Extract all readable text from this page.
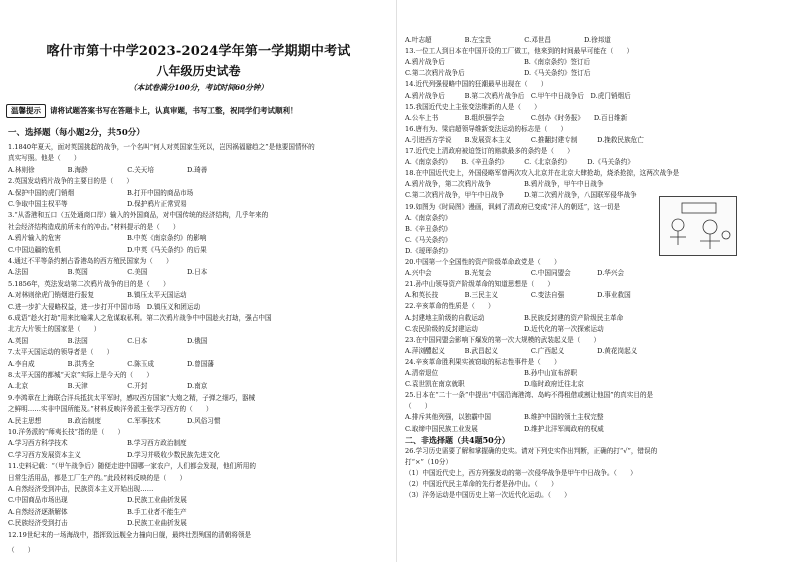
喀什市第十中学2023-2024学年第一学期期中考试
八年级历史试卷
（本试卷满分100分，考试时间60分钟）
温馨提示	请将试题答案书写在答题卡上，认真审题，书写工整，祝同学们考试顺利！
一、选择题（每小题2分，共50分）
1.1840年夏天，面对英国挑起的战争，一个名叫“何人对英国家生死以，岂因祸福避趋之”是他要国情怀的
真实写照。他是（　　）
A.林则徐　　　　　B.海龄　　　　　　C.关天培　　　　　D.琦善
2.英国发动鸦片战争的主要目的是（　　）
A.保护中国的虎门销烟　　　　　　　　B.打开中国的商品市场
C.争取中国主权平等　　　　　　　　　D.保护鸦片正常贸易
3.“从香港和五口（五处通商口岸）输入的外国商品，对中国传统的经济结构，几乎年来的
社会经济结构造成前所未有的冲击。”材料提示的是（　　）
A.鸦片输入的危害　　　　　　　　　　B.中英《南京条约》的影响
C.中国边疆的危机　　　　　　　　　　D.中英《马关条约》的后果
4.通过不平等条约割占香港岛的西方殖民国家为（　　）
A.法国　　　　　　B.英国　　　　　　C.美国　　　　　　D.日本
5.1856年，英法发动第二次鸦片战争的目的是（　　）
A.对林则徐虎门销烟进行报复　　　　　B.镇压太平天国运动
C.进一步扩大侵略权益，进一步打开中国市场　D.镇压义和团运动
6.成语“趁火打劫”用来比喻乘人之危谋取私利。第二次鸦片战争中中国趁火打劫，强占中国
北方大片领土的国家是（　　）
A.英国　　　　　　B.法国　　　　　　C.日本　　　　　　D.俄国
7.太平天国运动的领导者是（　　）
A.李自成　　　　　B.洪秀全　　　　　C.陈玉成　　　　　D.曾国藩
8.太平天国的都城“天京”实际上是今天的（　　）
A.北京　　　　　　B.天津　　　　　　C.开封　　　　　　D.南京
9.李鸿章在上海联合洋兵抵抗太平军时，感叹西方国家“大炮之精，子弹之细巧，器械
之鲜明……实非中国所能及。”材料反映洋务派主张学习西方的（　　）
A.民主思想　　　　B.政治制度　　　　C.军事技术　　　　D.风俗习惯
10.洋务派的“师夷长技”指的是（　　）
A.学习西方科学技术　　　　　　　　　B.学习西方政治制度
C.学习西方发展资本主义　　　　　　　D.学习并吸收少数民族先进文化
11.史料记载：“（甲午战争后）随便走进中国哪一家农户，人们都会发现，他们所用的
日常生活用品，都是工厂生产的。”此段材料反映的是（　　）
A.自然经济受到冲击，民族资本主义开始出现……
C.中国商品市场出现　　　　　　　　　D.民族工业曲折发展
A.自然经济逐渐解体　　　　　　　　　B.手工业者不能生产
C.民族经济受到打击　　　　　　　　　D.民族工业曲折发展
12.19世纪末的一场海战中，指挥致远舰全力撞向日舰，最终壮烈殉国的清朝将领是
（　　）
A.叶志超　　　　　B.左宝贵　　　　　C.邓世昌　　　　　D.徐邦道
13.一位工人到日本在中国开设的工厂做工，他来到的时间最早可能在（　　）
A.鸦片战争后　　　　　　　　　　　　B.《南京条约》签订后
C.第二次鸦片战争后　　　　　　　　　D.《马关条约》签订后
14.近代列强侵略中国的狂潮最早出现在（　　）
A.鸦片战争后　　　B.第二次鸦片战争后　C.甲午中日战争后　D.虎门销烟后
15.我国近代史上主张变法维新的人是（　　）
A.公车上书　　　　B.组织强学会　　　　C.创办《时务报》　　D.百日维新
16.唐有为、梁启超领导维新变法运动的标志是（　　）
A.引进西方学说　　B.发展资本主义　　　C.推翻封建专制　　　D.挽救民族危亡
17.近代史上清政府被迫签订的赔款最多的条约是（　　）
A.《南京条约》　　B.《辛丑条约》　　　C.《北京条约》　　　D.《马关条约》
18.在中国近代史上，外国侵略军曾两次攻入北京并在北京大肆抢劫，烧杀抢掠，这两次战争是
A.鸦片战争，第二次鸦片战争　　　　　B.鸦片战争，甲午中日战争
C.第二次鸦片战争，甲午中日战争　　　D.第二次鸦片战争，八国联军侵华战争
19.如图为《时局图》漫画，讽刺了清政府已变成“洋人的朝廷”，这一切是
A.《南京条约》
B.《辛丑条约》
C.《马关条约》
D.《瑷珲条约》
20.中国第一个全国性的资产阶级革命政党是（　　）
A.兴中会　　　　　B.光复会　　　　　　C.中国同盟会　　　　D.华兴会
21.孙中山领导资产阶级革命的知道思想是（　　）
A.和英长技　　　　B.三民主义　　　　　C.变法自强　　　　　D.事业救国
22.辛亥革命的性质是（　　）
A.封建地主阶级的自救运动　　　　　　B.民族反封建的资产阶级民主革命
C.农民阶级的反封建运动　　　　　　　D.近代化的第一次探索运动
23.在中国同盟会影响下爆发的第一次大规模的武装起义是（　　）
A.萍浏醴起义　　　B.武昌起义　　　　　C.广西起义　　　　　D.黄花岗起义
24.辛亥革命胜利果实被窃取的标志性事件是（　　）
A.清帝退位　　　　　　　　　　　　　B.孙中山宣布辞职
C.袁世凯在南京就职　　　　　　　　　D.临时政府迁往北京
25.日本在“二十一条”中提出“中国沿海港湾、岛屿不得租借或割让他国”的真实目的是
（　　）
A.排斥其他列强，以独霸中国　　　　　B.维护中国的领土主权完整
C.取缔中国民族工业发展　　　　　　　D.维护北洋军阀政府的权威
二、非选择题（共4题50分）
26.学习历史需要了解和掌握确的史实。请对下列史实作出判断，正确的打“√”，错误的
打“×”（10分）
（1）中国近代史上，西方列强发动的第一次侵华战争是甲午中日战争。（　　）
（2）中国近代民主革命的先行者是孙中山。（　　）
（3）洋务运动是中国历史上第一次近代化运动。（　　）
